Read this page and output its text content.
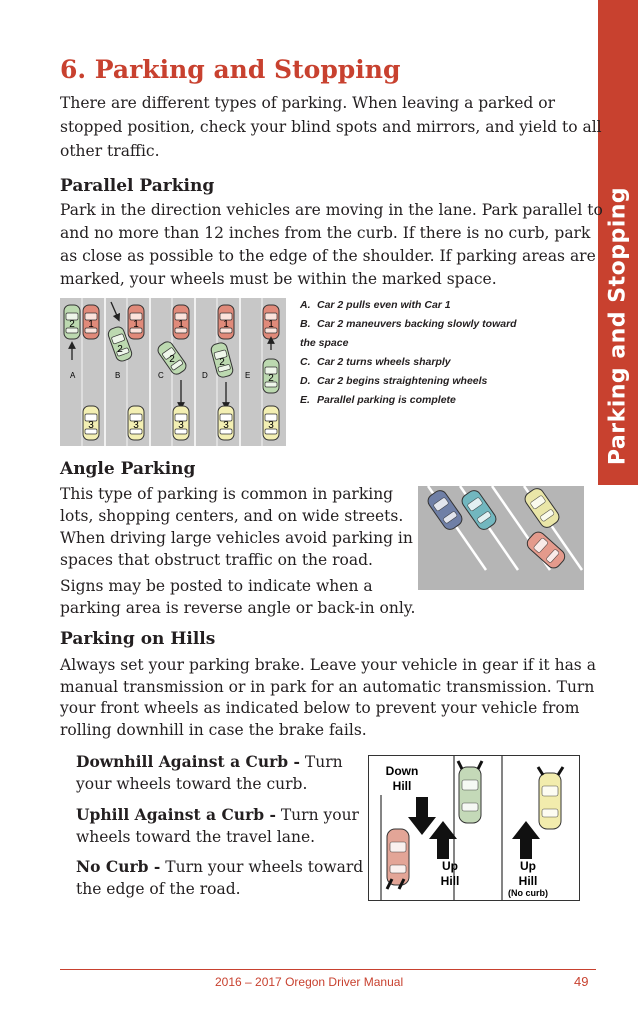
Parking and Stopping
6. Parking and Stopping
There are different types of parking. When leaving a parked or
stopped position, check your blind spots and mirrors, and yield to all
other traffic.
Parallel Parking
Park in the direction vehicles are moving in the lane. Park parallel to
and no more than 12 inches from the curb. If there is no curb, park
as close as possible to the edge of the shoulder. If parking areas are
marked, your wheels must be within the marked space.
2 1
A
3
2
1
B
3
2
1
C
3
2
1
D
3
1
2
E
3
A. Car 2 pulls even with Car 1
B. Car 2 maneuvers backing slowly toward
the space
C. Car 2 turns wheels sharply
D. Car 2 begins straightening wheels
E. Parallel parking is complete
Angle Parking
This type of parking is common in parking
lots, shopping centers, and on wide streets.
When driving large vehicles avoid parking in
spaces that obstruct traffic on the road.
Signs may be posted to indicate when a
parking area is reverse angle or back-in only.
Parking on Hills
Always set your parking brake. Leave your vehicle in gear if it has a
manual transmission or in park for an automatic transmission. Turn
your front wheels as indicated below to prevent your vehicle from
rolling downhill in case the brake fails.
Downhill Against a Curb - Turn
your wheels toward the curb.
Uphill Against a Curb - Turn your
wheels toward the travel lane.
No Curb - Turn your wheels toward
the edge of the road.
Down
Hill
Up
Hill
Up
Hill
(No curb)
2016 – 2017 Oregon Driver Manual	49
